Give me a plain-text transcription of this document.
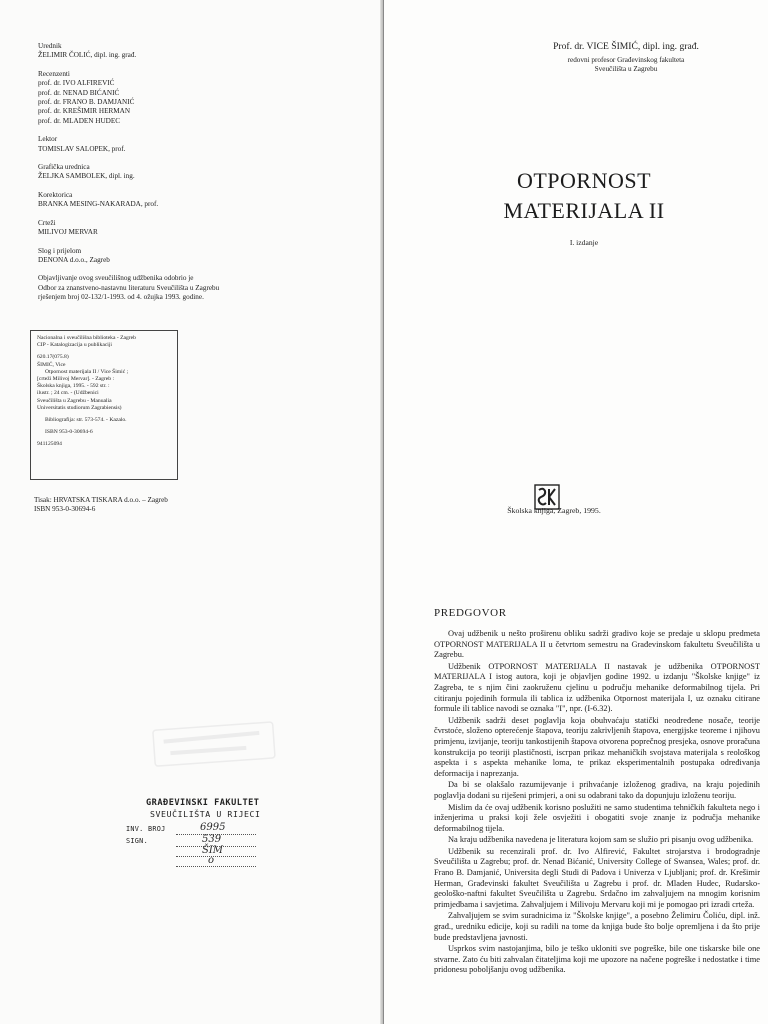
Urednik

ŽELIMIR ČOLIĆ, dipl. ing. građ.

Recenzenti

prof. dr. IVO ALFIREVIĆ

prof. dr. NENAD BIĆANIĆ

prof. dr. FRANO B. DAMJANIĆ

prof. dr. KREŠIMIR HERMAN

prof. dr. MLADEN HUDEC

Lektor

TOMISLAV SALOPEK, prof.

Grafička urednica

ŽELJKA SAMBOLEK, dipl. ing.

Korektorica

BRANKA MESING-NAKARADA, prof.

Crteži

MILIVOJ MERVAR

Slog i prijelom

DENONA d.o.o., Zagreb

Objavljivanje ovog sveučilišnog udžbenika odobrio je

Odbor za znanstveno-nastavnu literaturu Sveučilišta u Zagrebu

rješenjem broj 02-132/1-1993. od 4. ožujka 1993. godine.

Nacionalna i sveučilišna biblioteka - Zagreb

CIP - Katalogizacija u publikaciji

620.17(075.8)

ŠIMIĆ, Vice

Otpornost materijala II / Vice Šimić ;

[crteži Milivoj Mervar]. - Zagreb :

Školska knjiga, 1995. - 592 str. :

ilustr. ; 24 cm. - (Udžbenici

Sveučilišta u Zagrebu - Manualia

Universitatis studiorum Zagrabiensis)

Bibliografija: str. 573-574. - Kazalo.

ISBN 953-0-30694-6

941125094

Tisak: HRVATSKA TISKARA d.o.o. – Zagreb

ISBN 953-0-30694-6

GRAĐEVINSKI FAKULTET
SVEUČILIŠTA U RIJECI
INV. BROJ
SIGN.
6995
539
ŠIM
o
Prof. dr. VICE ŠIMIĆ, dipl. ing. građ.
redovni profesor Građevinskog fakulteta
Sveučilišta u Zagrebu
OTPORNOST
MATERIJALA II
I. izdanje
Školska knjiga, Zagreb, 1995.
PREDGOVOR

Ovaj udžbenik u nešto proširenu obliku sadrži gradivo koje se predaje u sklopu predmeta OTPORNOST MATERIJALA II u četvrtom semestru na Građevinskom fakultetu Sveučilišta u Zagrebu.

Udžbenik OTPORNOST MATERIJALA II nastavak je udžbenika OTPORNOST MATERIJALA I istog autora, koji je objavljen godine 1992. u izdanju "Školske knjige" iz Zagreba, te s njim čini zaokruženu cjelinu u području mehanike deformabilnog tijela. Pri citiranju pojedinih formula ili tablica iz udžbenika Otpornost materijala I, uz oznaku citirane formule ili tablice navodi se oznaka "I", npr. (I-6.32).

Udžbenik sadrži deset poglavlja koja obuhvaćaju statički neodređene nosače, teorije čvrstoće, složeno opterećenje štapova, teoriju zakrivljenih štapova, energijske teoreme i njihovu primjenu, izvijanje, teoriju tankostijenih štapova otvorena poprečnog presjeka, osnove proračuna konstrukcija po teoriji plastičnosti, iscrpan prikaz mehaničkih svojstava materijala s reološkog aspekta i s aspekta mehanike loma, te prikaz eksperimentalnih postupaka određivanja deformacija i naprezanja.

Da bi se olakšalo razumijevanje i prihvaćanje izloženog gradiva, na kraju pojedinih poglavlja dodani su riješeni primjeri, a oni su odabrani tako da dopunjuju izloženu teoriju.

Mislim da će ovaj udžbenik korisno poslužiti ne samo studentima tehničkih fakulteta nego i inženjerima u praksi koji žele osvježiti i obogatiti svoje znanje iz područja mehanike deformabilnog tijela.

Na kraju udžbenika navedena je literatura kojom sam se služio pri pisanju ovog udžbenika.

Udžbenik su recenzirali prof. dr. Ivo Alfirević, Fakultet strojarstva i brodogradnje Sveučilišta u Zagrebu; prof. dr. Nenad Bićanić, University College of Swansea, Wales; prof. dr. Frano B. Damjanić, Universita degli Studi di Padova i Univerza v Ljubljani; prof. dr. Krešimir Herman, Građevinski fakultet Sveučilišta u Zagrebu i prof. dr. Mladen Hudec, Rudarsko-geološko-naftni fakultet Sveučilišta u Zagrebu. Srdačno im zahvaljujem na mnogim korisnim primjedbama i savjetima. Zahvaljujem i Milivoju Mervaru koji mi je pomogao pri izradi crteža.

Zahvaljujem se svim suradnicima iz "Školske knjige", a posebno Želimiru Čoliću, dipl. inž. građ., uredniku edicije, koji su radili na tome da knjiga bude što bolje opremljena i da što prije bude predstavljena javnosti.

Usprkos svim nastojanjima, bilo je teško ukloniti sve pogreške, bile one tiskarske bile one stvarne. Zato ću biti zahvalan čitateljima koji me upozore na načene pogreške i nedostatke i time pridonesu poboljšanju ovog udžbenika.
